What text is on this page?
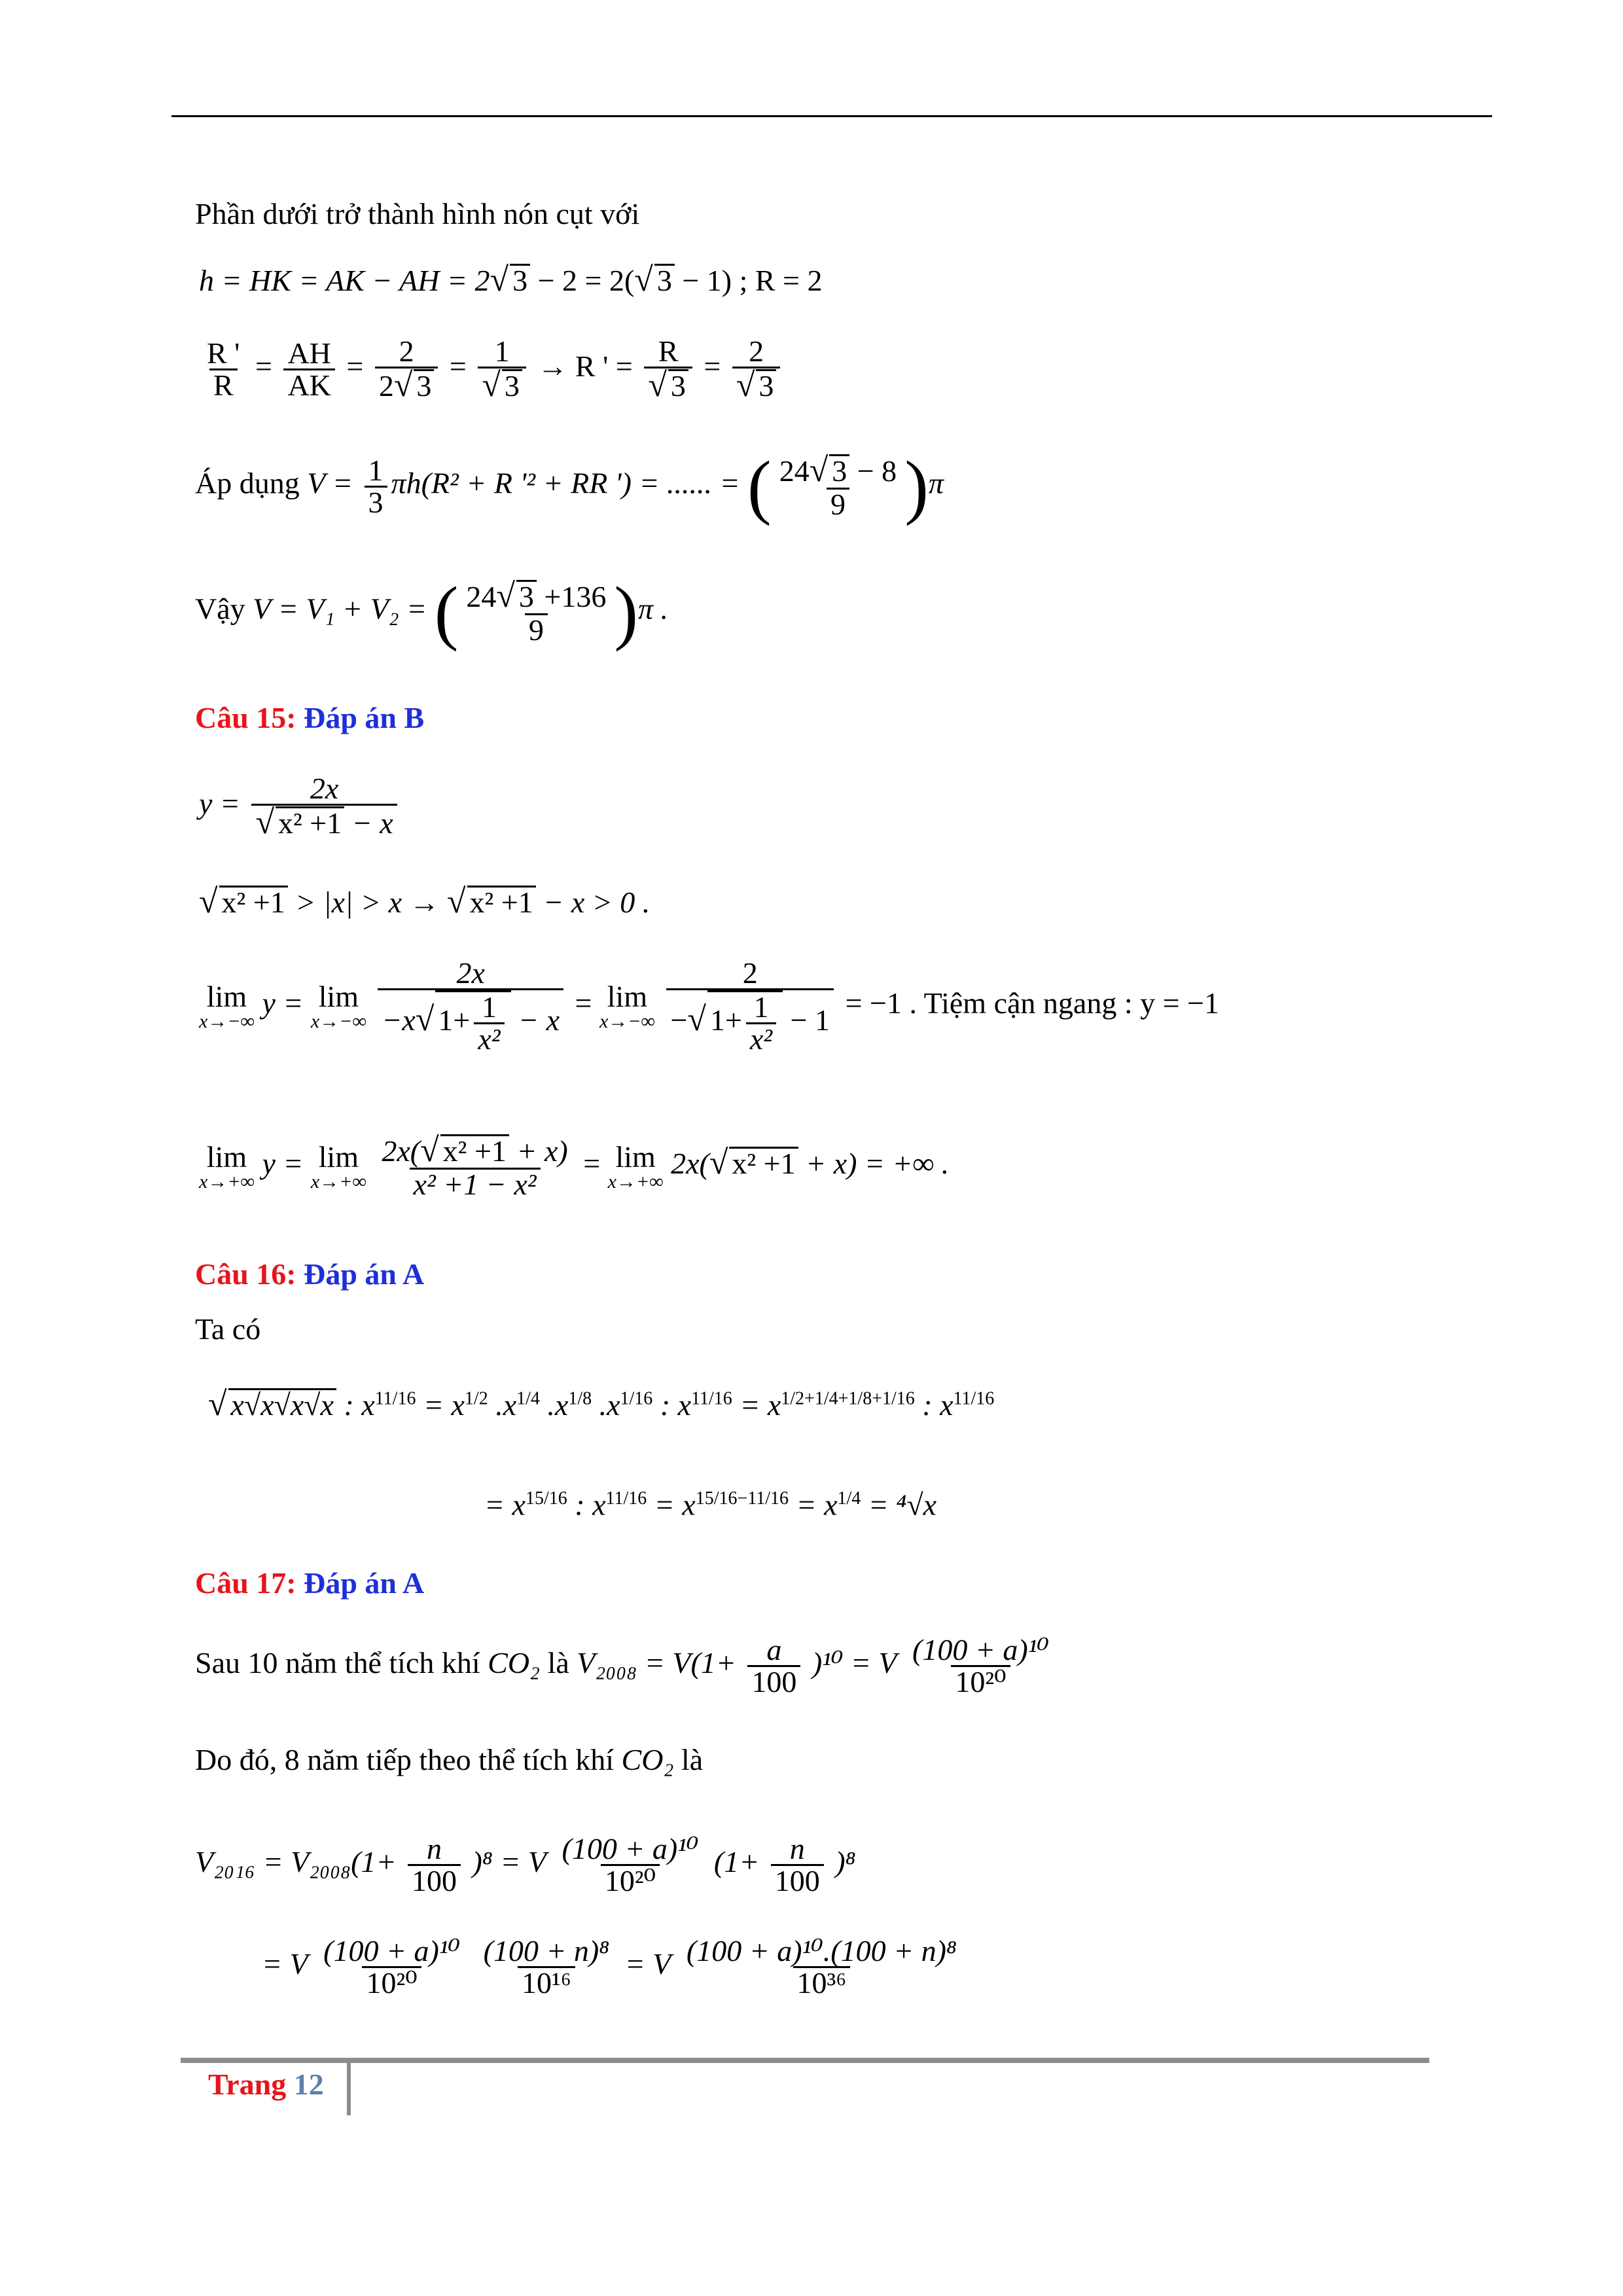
Phần dưới trở thành hình nón cụt với
h = HK = AK − AH = 2√ 3 − 2 = 2(√ 3 − 1) ; R = 2
$\frac{R '}{R} = \frac{AH}{AK} = \frac{2}{2√ 3} = \frac{1}{√ 3} \to R$ ' = $\frac{R}{√ 3} = \frac{2}{√ 3}$
Áp dụng $V = \frac{1}{3} \pi h(R^2 + R$ '² + RR ') = ...... = ( $\frac{24√ 3 - 8}{9} )\pi$
Vậy V = V₁ + V₂ = ( $\frac{24√ 3 +136}{9} )\pi$ .
Câu 15: Đáp án B
$y = \frac{2x}{\text{√ x² +1 − x}}$
√ x² +1 > |x| > x → √ x² +1 − x > 0 .
lim
x→−∞
y = lim
x→−∞
$\frac{2x}{-x√ 1+ \frac{1}{\text{x²}} - x} = \lim$
x→−∞
$\frac{2}{-√ 1+ \frac{1}{\text{x²}} - 1} = -1$ . Tiệm cận ngang : y = −1
lim
x→+∞
y = lim
x→+∞
$\frac{\text{2x(√ x² +1 + x)}}{\text{x² +1 − x²}} = \lim$
x→+∞
2x(√ x² +1 + x) = +∞ .
Câu 16: Đáp án A
Ta có
√ x√x√x√x : $x^{11/16} = x^{1/2}$ $.x^{1/4}$ $.x^{1/8}$ $.x^{1/16}$ : $x^{11/16} = x^{1/2+1/4+1/8+1/16}$ : $x^{11/16}$
= $x^{15/16}$ : $x^{11/16} = x^{15/16-11/16} = x^{1/4} = ^4√x$
Câu 17: Đáp án A
Sau 10 năm thể tích khí CO₂ là $V_{2008} = V(1+ \frac{a}{100} )^{10} = V \frac{\text{(100 + a)¹⁰}}{\text{10²⁰}}$
Do đó, 8 năm tiếp theo thể tích khí CO₂ là
$V_{2016} = V_{2008}(1+ \frac{n}{100} )^8 = V \frac{\text{(100 + a)¹⁰}}{\text{10²⁰}} (1+ \frac{n}{100} )^8$
= V $\frac{\text{(100 + a)¹⁰}}{\text{10²⁰}}$
$\frac{\text{(100 + n)⁸}}{\text{10¹⁶}} = V \frac{\text{(100 + a)¹⁰.(100 + n)⁸}}{\text{10³⁶}}$
Trang 12
